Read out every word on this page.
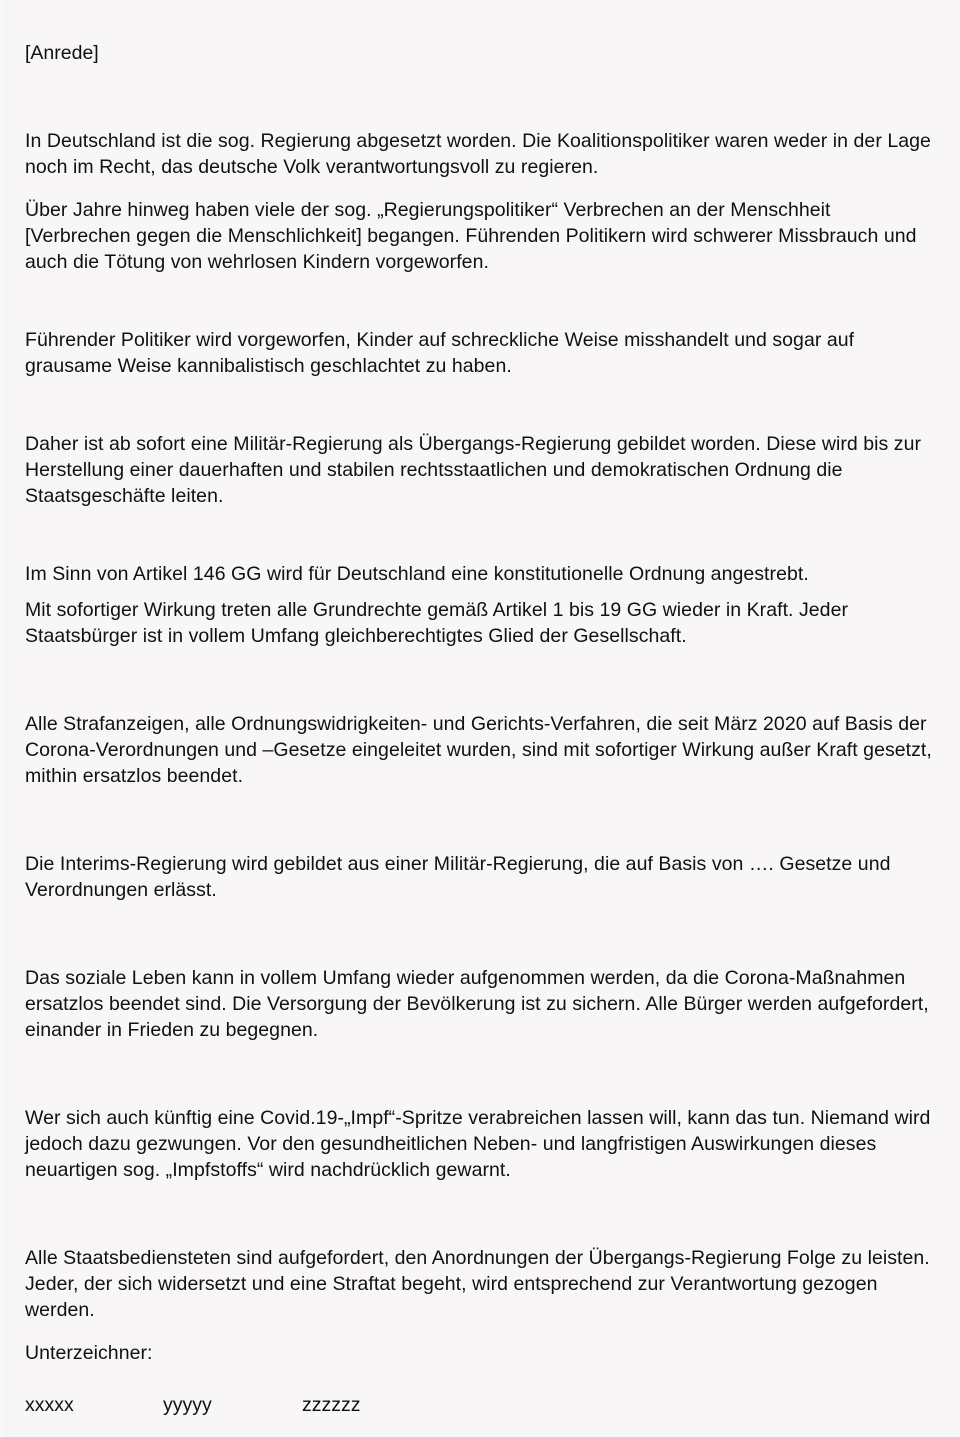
[Anrede]

In Deutschland ist die sog. Regierung abgesetzt worden. Die Koalitionspolitiker waren weder in der Lage noch im Recht, das deutsche Volk verantwortungsvoll zu regieren.

Über Jahre hinweg haben viele der sog. „Regierungspolitiker“ Verbrechen an der Menschheit [Verbrechen gegen die Menschlichkeit] begangen. Führenden Politikern wird schwerer Missbrauch und auch die Tötung von wehrlosen Kindern vorgeworfen.

Führender Politiker wird vorgeworfen, Kinder auf schreckliche Weise misshandelt und sogar auf grausame Weise kannibalistisch geschlachtet zu haben.

Daher ist ab sofort eine Militär-Regierung als Übergangs-Regierung gebildet worden. Diese wird bis zur Herstellung einer dauerhaften und stabilen rechtsstaatlichen und demokratischen Ordnung die Staatsgeschäfte leiten.

Im Sinn von Artikel 146 GG wird für Deutschland eine konstitutionelle Ordnung angestrebt.

Mit sofortiger Wirkung treten alle Grundrechte gemäß Artikel 1 bis 19 GG wieder in Kraft. Jeder Staatsbürger ist in vollem Umfang gleichberechtigtes Glied der Gesellschaft.

Alle Strafanzeigen, alle Ordnungswidrigkeiten- und Gerichts-Verfahren, die seit März 2020 auf Basis der Corona-Verordnungen und –Gesetze eingeleitet wurden, sind mit sofortiger Wirkung außer Kraft gesetzt, mithin ersatzlos beendet.

Die Interims-Regierung wird gebildet aus einer Militär-Regierung, die auf Basis von …. Gesetze und Verordnungen erlässt.

Das soziale Leben kann in vollem Umfang wieder aufgenommen werden, da die Corona-Maßnahmen ersatzlos beendet sind. Die Versorgung der Bevölkerung ist zu sichern. Alle Bürger werden aufgefordert, einander in Frieden zu begegnen.

Wer sich auch künftig eine Covid.19-„Impf“-Spritze verabreichen lassen will, kann das tun. Niemand wird jedoch dazu gezwungen. Vor den gesundheitlichen Neben- und langfristigen Auswirkungen dieses neuartigen sog. „Impfstoffs“ wird nachdrücklich gewarnt.

Alle Staatsbediensteten sind aufgefordert, den Anordnungen der Übergangs-Regierung Folge zu leisten. Jeder, der sich widersetzt und eine Straftat begeht, wird entsprechend zur Verantwortung gezogen werden.

Unterzeichner:

xxxxx	yyyyy	zzzzzz
